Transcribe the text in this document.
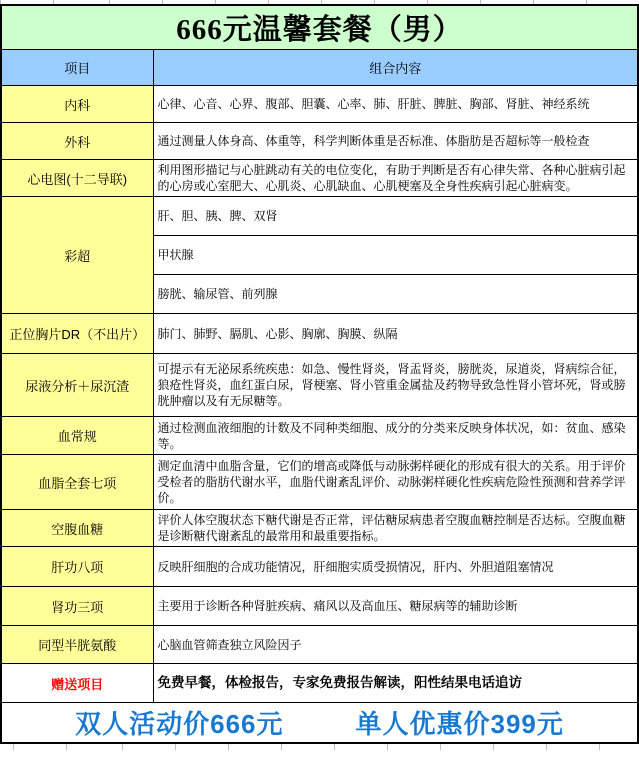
666元温馨套餐（男）	
项目	组合内容
内科	心律、心音、心界、腹部、胆囊、心率、肺、肝脏、脾脏、胸部、肾脏、神经系统
外科	通过测量人体身高、体重等，科学判断体重是否标准、体脂肪是否超标等一般检查
心电图(十二导联)	利用图形描记与心脏跳动有关的电位变化，有助于判断是否有心律失常、各种心脏病引起的心房或心室肥大、心肌炎、心肌缺血、心肌梗塞及全身性疾病引起心脏病变。
彩超	肝、胆、胰、脾、双肾
	甲状腺
	膀胱、输尿管、前列腺
正位胸片DR（不出片）	肺门、肺野、膈肌、心影、胸廓、胸膜、纵隔
尿液分析＋尿沉渣	可提示有无泌尿系统疾患：如急、慢性肾炎，肾盂肾炎，膀胱炎，尿道炎，肾病综合征，狼疮性肾炎，血红蛋白尿，肾梗塞、肾小管重金属盐及药物导致急性肾小管坏死，肾或膀胱肿瘤以及有无尿糖等。
血常规	通过检测血液细胞的计数及不同种类细胞、成分的分类来反映身体状况，如：贫血、感染等。
血脂全套七项	测定血清中血脂含量，它们的增高或降低与动脉粥样硬化的形成有很大的关系。用于评价受检者的脂肪代谢水平，血脂代谢紊乱评价、动脉粥样硬化性疾病危险性预测和营养学评价。
空腹血糖	评价人体空腹状态下糖代谢是否正常，评估糖尿病患者空腹血糖控制是否达标。空腹血糖是诊断糖代谢紊乱的最常用和最重要指标。
肝功八项	反映肝细胞的合成功能情况，肝细胞实质受损情况，肝内、外胆道阻塞情况
肾功三项	主要用于诊断各种肾脏疾病、痛风以及高血压、糖尿病等的辅助诊断
同型半胱氨酸	心脑血管筛查独立风险因子
赠送项目	免费早餐，体检报告，专家免费报告解读，阳性结果电话追访

双人活动价666元 单人优惠价399元	
